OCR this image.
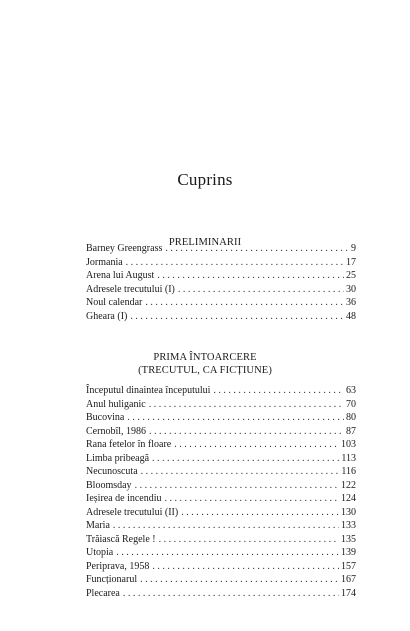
Cuprins
PRELIMINARII
Barney Greengrass . . .	9
Jormania . . .	17
Arena lui August . . .	25
Adresele trecutului (I) . . .	30
Noul calendar . . .	36
Gheara (I) . . .	48
PRIMA ÎNTOARCERE
(TRECUTUL, CA FICȚIUNE)
Începutul dinaintea începutului . . .	63
Anul huliganic . . .	70
Bucovina . . .	80
Cernobîl, 1986 . . .	87
Rana fetelor în floare . . .	103
Limba pribeagă . . .	113
Necunoscuta . . .	116
Bloomsday . . .	122
Ieșirea de incendiu . . .	124
Adresele trecutului (II) . . .	130
Maria . . .	133
Trăiască Regele ! . . .	135
Utopia . . .	139
Periprava, 1958 . . .	157
Funcționarul . . .	167
Plecarea . . .	174
